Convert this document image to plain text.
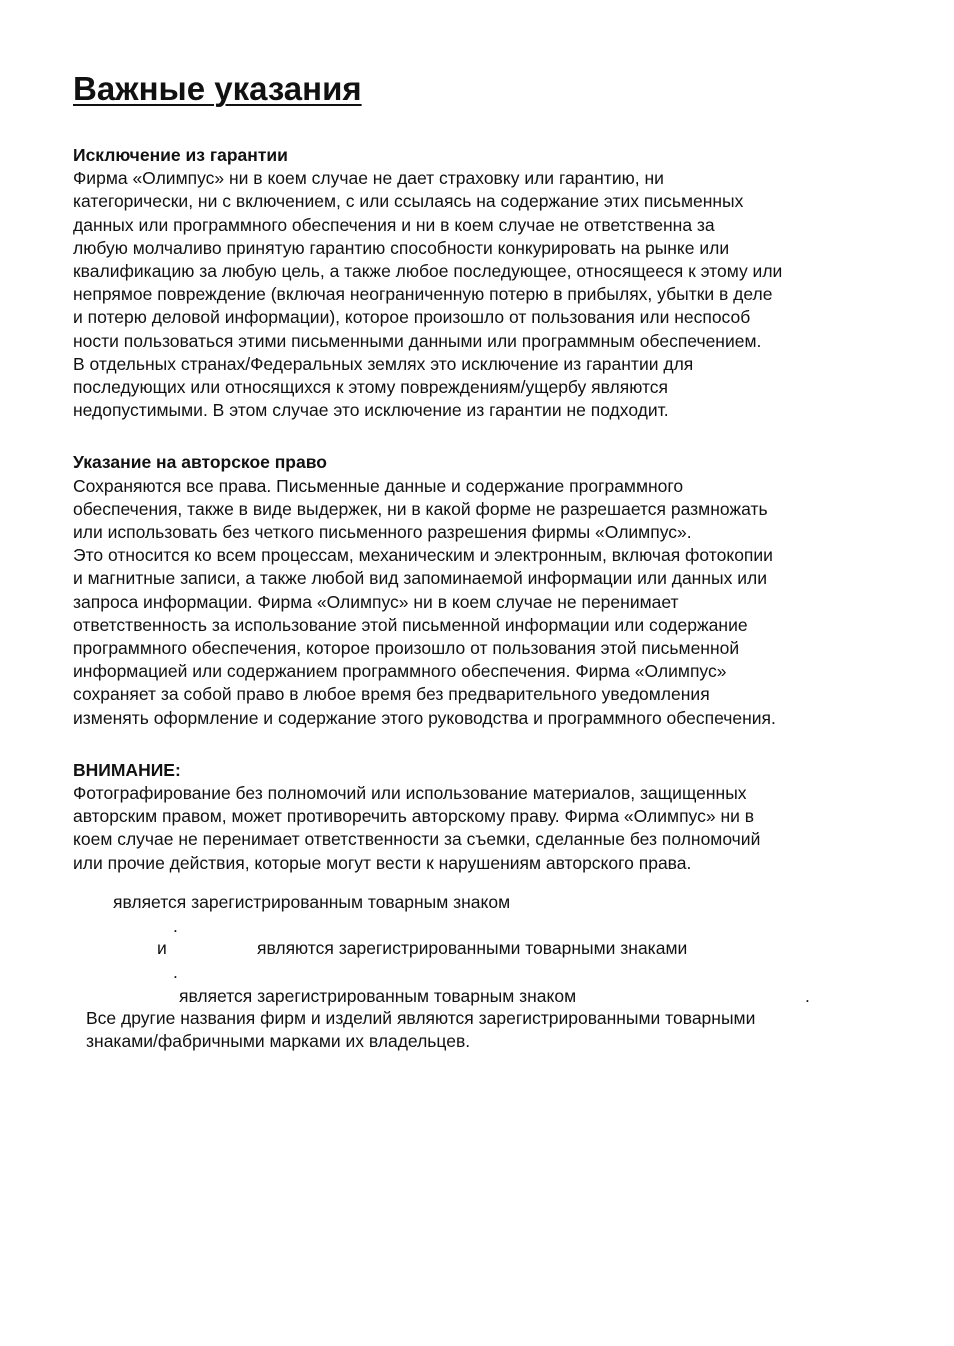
Важные указания

Исключение из гарантии

Фирма «Олимпус» ни в коем случае не дает страховку или гарантию, ни
категорически, ни с включением, с или ссылаясь на содержание этих письменных
данных или программного обеспечения и ни в коем случае не ответственна за
любую молчаливо принятую гарантию способности конкурировать на рынке или
квалификацию за любую цель, а также любое последующее, относящееся к этому или
непрямое повреждение (включая неограниченную потерю в прибылях, убытки в деле
и потерю деловой информации), которое произошло от пользования или неспособ
ности пользоваться этими письменными данными или программным обеспечением.
В отдельных странах/Федеральных землях это исключение из гарантии для
последующих или относящихся к этому повреждениям/ущербу являются
недопустимыми. В этом случае это исключение из гарантии не подходит.

Указание на авторское право

Сохраняются все права. Письменные данные и содержание программного
обеспечения, также в виде выдержек, ни в какой форме не разрешается размножать
или использовать без четкого письменного разрешения фирмы «Олимпус».
Это относится ко всем процессам, механическим и электронным, включая фотокопии
и магнитные записи, а также любой вид запоминаемой информации или данных или
запроса информации. Фирма «Олимпус» ни в коем случае не перенимает
ответственность за использование этой письменной информации или содержание
программного обеспечения, которое произошло от пользования этой письменной
информацией или содержанием программного обеспечения. Фирма «Олимпус»
сохраняет за собой право в любое время без предварительного уведомления
изменять оформление и содержание этого руководства и программного обеспечения.

ВНИМАНИЕ:

Фотографирование без полномочий или использование материалов, защищенных
авторским правом, может противоречить авторскому праву. Фирма «Олимпус» ни в
коем случае не перенимает ответственности за съемки, сделанные без полномочий
или прочие действия, которые могут вести к нарушениям авторского права.

является зарегистрированным товарным знаком
.
и	являются зарегистрированными товарными знаками
.
является зарегистрированным товарным знаком	.

Все другие названия фирм и изделий являются зарегистрированными товарными
знаками/фабричными марками их владельцев.
